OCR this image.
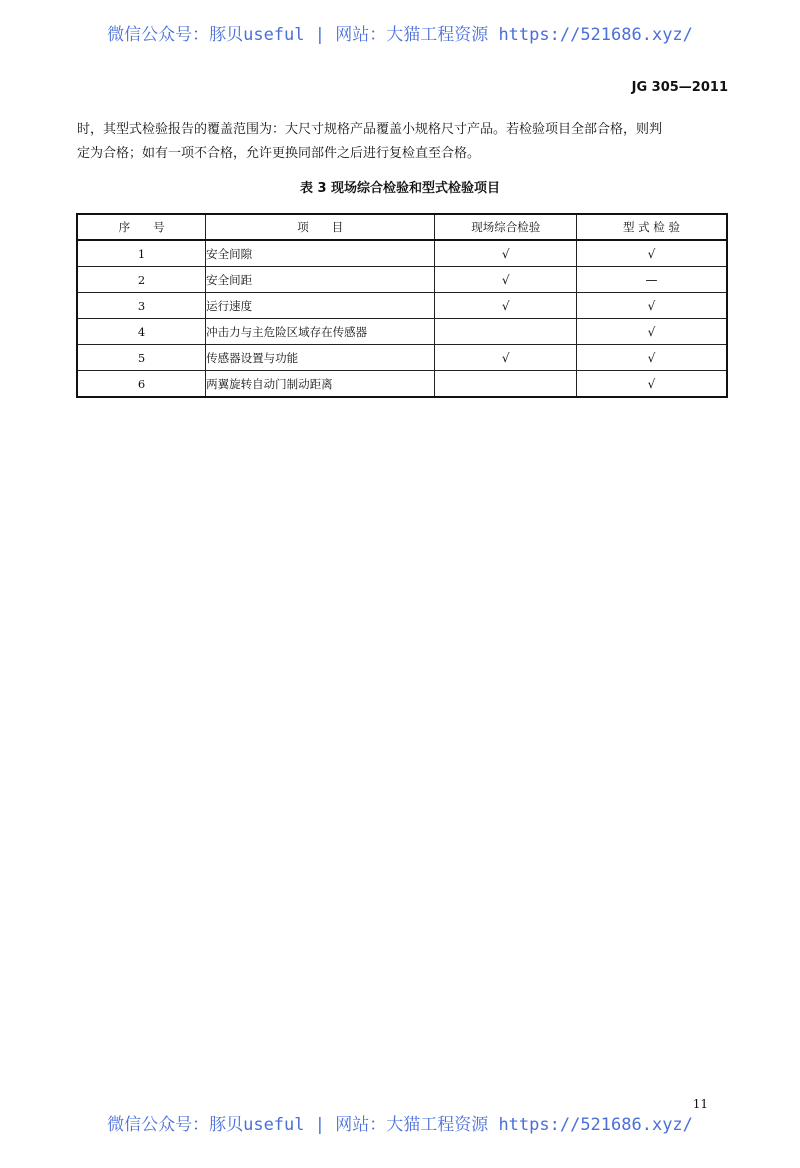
微信公众号：豚贝useful | 网站：大猫工程资源 https://521686.xyz/
JG 305—2011

时，其型式检验报告的覆盖范围为：大尺寸规格产品覆盖小规格尺寸产品。若检验项目全部合格，则判

定为合格；如有一项不合格，允许更换同部件之后进行复检直至合格。

表 3 现场综合检验和型式检验项目
序　　号	项　　目	现场综合检验	型 式 检 验
1	安全间隙	√	√
2	安全间距	√	—
3	运行速度	√	√
4	冲击力与主危险区域存在传感器		√
5	传感器设置与功能	√	√
6	两翼旋转自动门制动距离		√
11
微信公众号：豚贝useful | 网站：大猫工程资源 https://521686.xyz/
